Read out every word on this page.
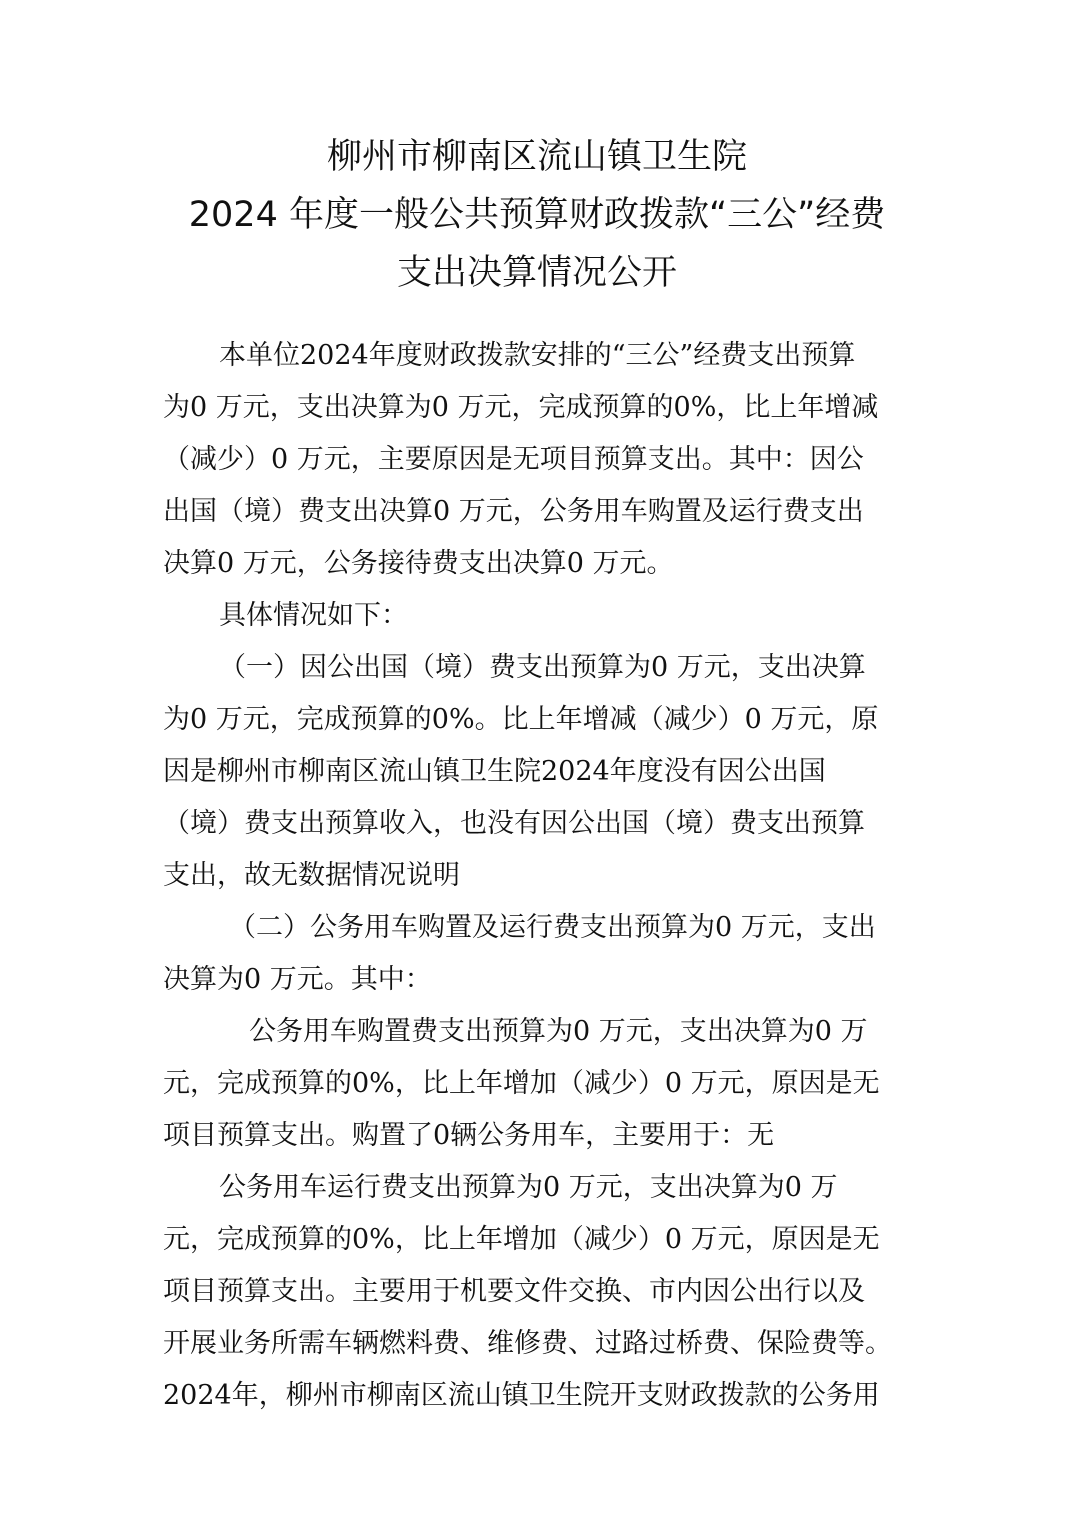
柳州市柳南区流山镇卫生院
2024 年度一般公共预算财政拨款“三公”经费
支出决算情况公开
本单位2024年度财政拨款安排的“三公”经费支出预算
为0 万元，支出决算为0 万元，完成预算的0%，比上年增减
（减少）0 万元，主要原因是无项目预算支出。其中：因公
出国（境）费支出决算0 万元，公务用车购置及运行费支出
决算0 万元，公务接待费支出决算0 万元。
具体情况如下：
（一）因公出国（境）费支出预算为0 万元，支出决算
为0 万元，完成预算的0%。比上年增减（减少）0 万元，原
因是柳州市柳南区流山镇卫生院2024年度没有因公出国
（境）费支出预算收入，也没有因公出国（境）费支出预算
支出，故无数据情况说明
（二）公务用车购置及运行费支出预算为0 万元，支出
决算为0 万元。其中：
公务用车购置费支出预算为0 万元，支出决算为0 万
元，完成预算的0%，比上年增加（减少）0 万元，原因是无
项目预算支出。购置了0辆公务用车，主要用于：无
公务用车运行费支出预算为0 万元，支出决算为0 万
元，完成预算的0%，比上年增加（减少）0 万元，原因是无
项目预算支出。主要用于机要文件交换、市内因公出行以及
开展业务所需车辆燃料费、维修费、过路过桥费、保险费等。
2024年，柳州市柳南区流山镇卫生院开支财政拨款的公务用
